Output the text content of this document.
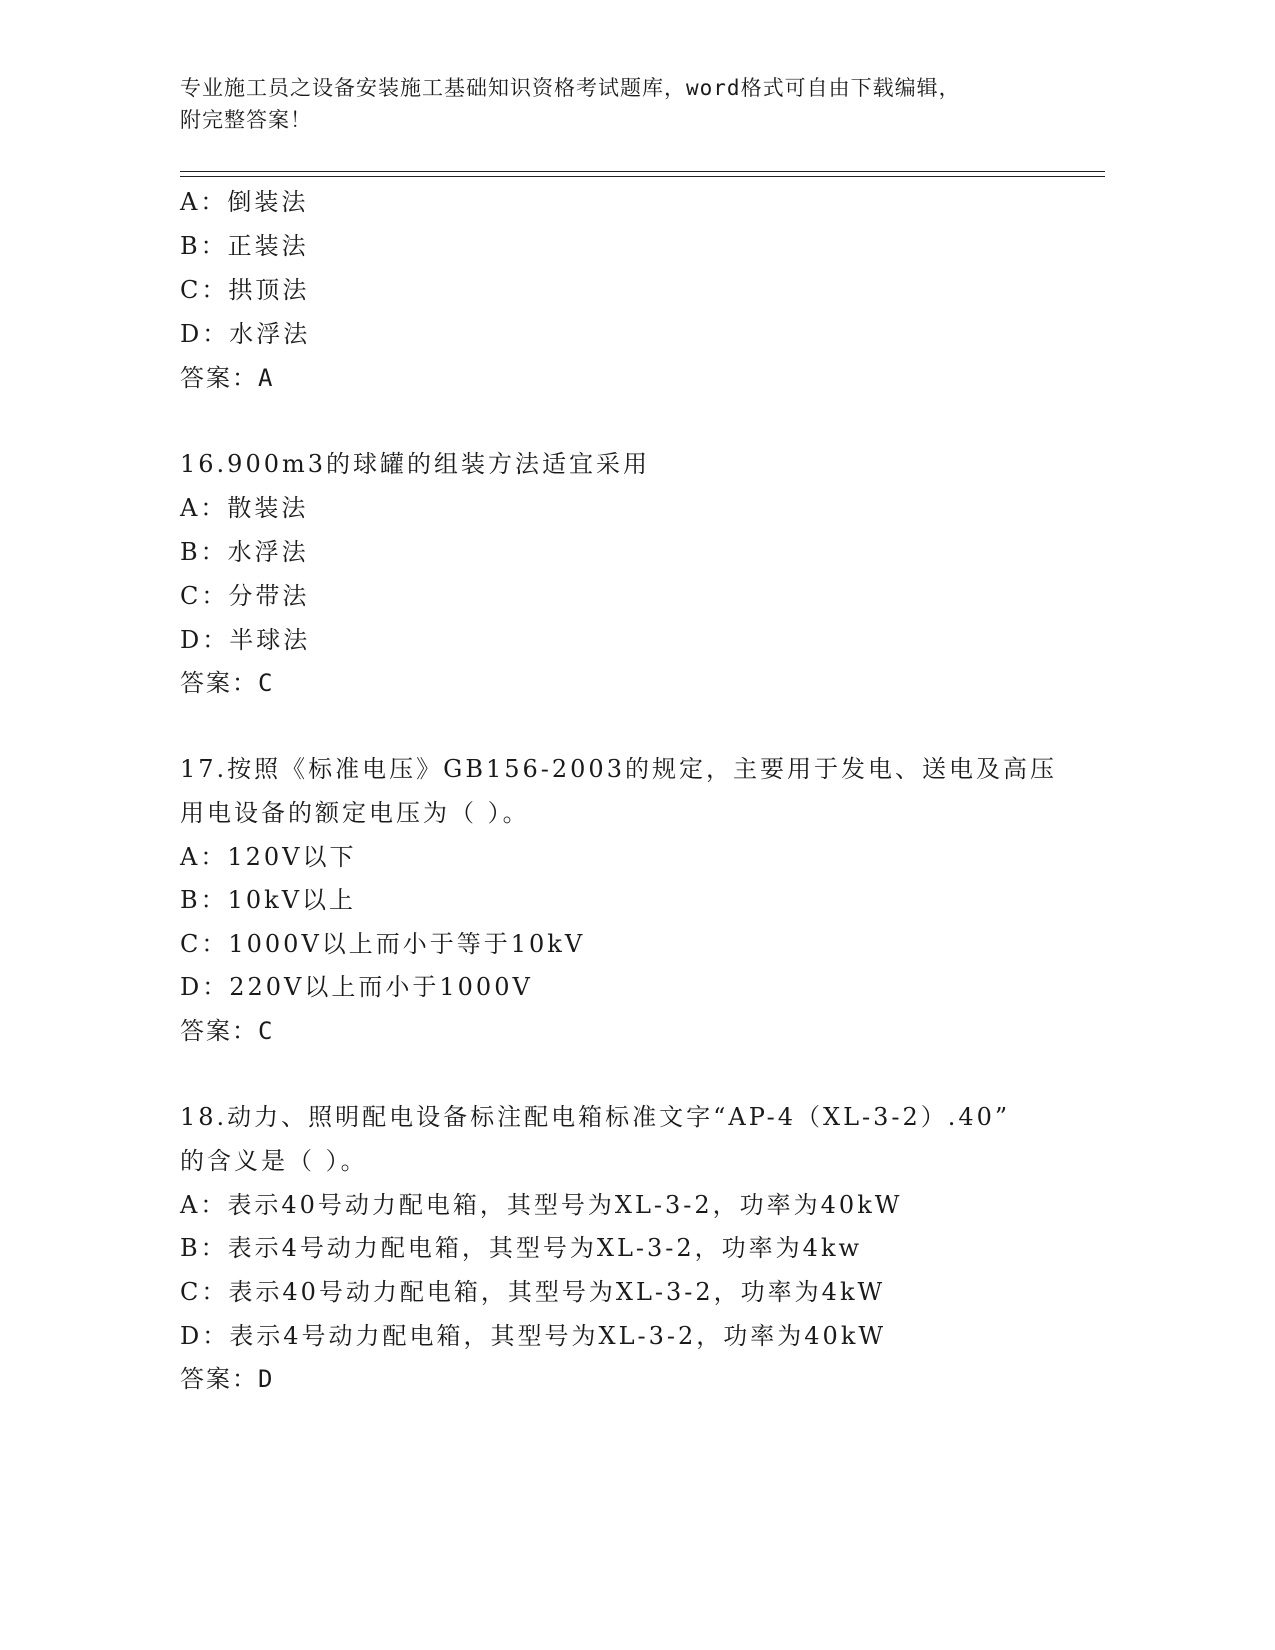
专业施工员之设备安装施工基础知识资格考试题库，word格式可自由下载编辑，
附完整答案！
A：倒装法
B：正装法
C：拱顶法
D：水浮法
答案：A
16.900m3的球罐的组装方法适宜采用
A：散装法
B：水浮法
C：分带法
D：半球法
答案：C
17.按照《标准电压》GB156-2003的规定，主要用于发电、送电及高压
用电设备的额定电压为（ ）。
A：120V以下
B：10kV以上
C：1000V以上而小于等于10kV
D：220V以上而小于1000V
答案：C
18.动力、照明配电设备标注配电箱标准文字“AP-4（XL-3-2）.40”
的含义是（ ）。
A：表示40号动力配电箱，其型号为XL-3-2，功率为40kW
B：表示4号动力配电箱，其型号为XL-3-2，功率为4kw
C：表示40号动力配电箱，其型号为XL-3-2，功率为4kW
D：表示4号动力配电箱，其型号为XL-3-2，功率为40kW
答案：D
